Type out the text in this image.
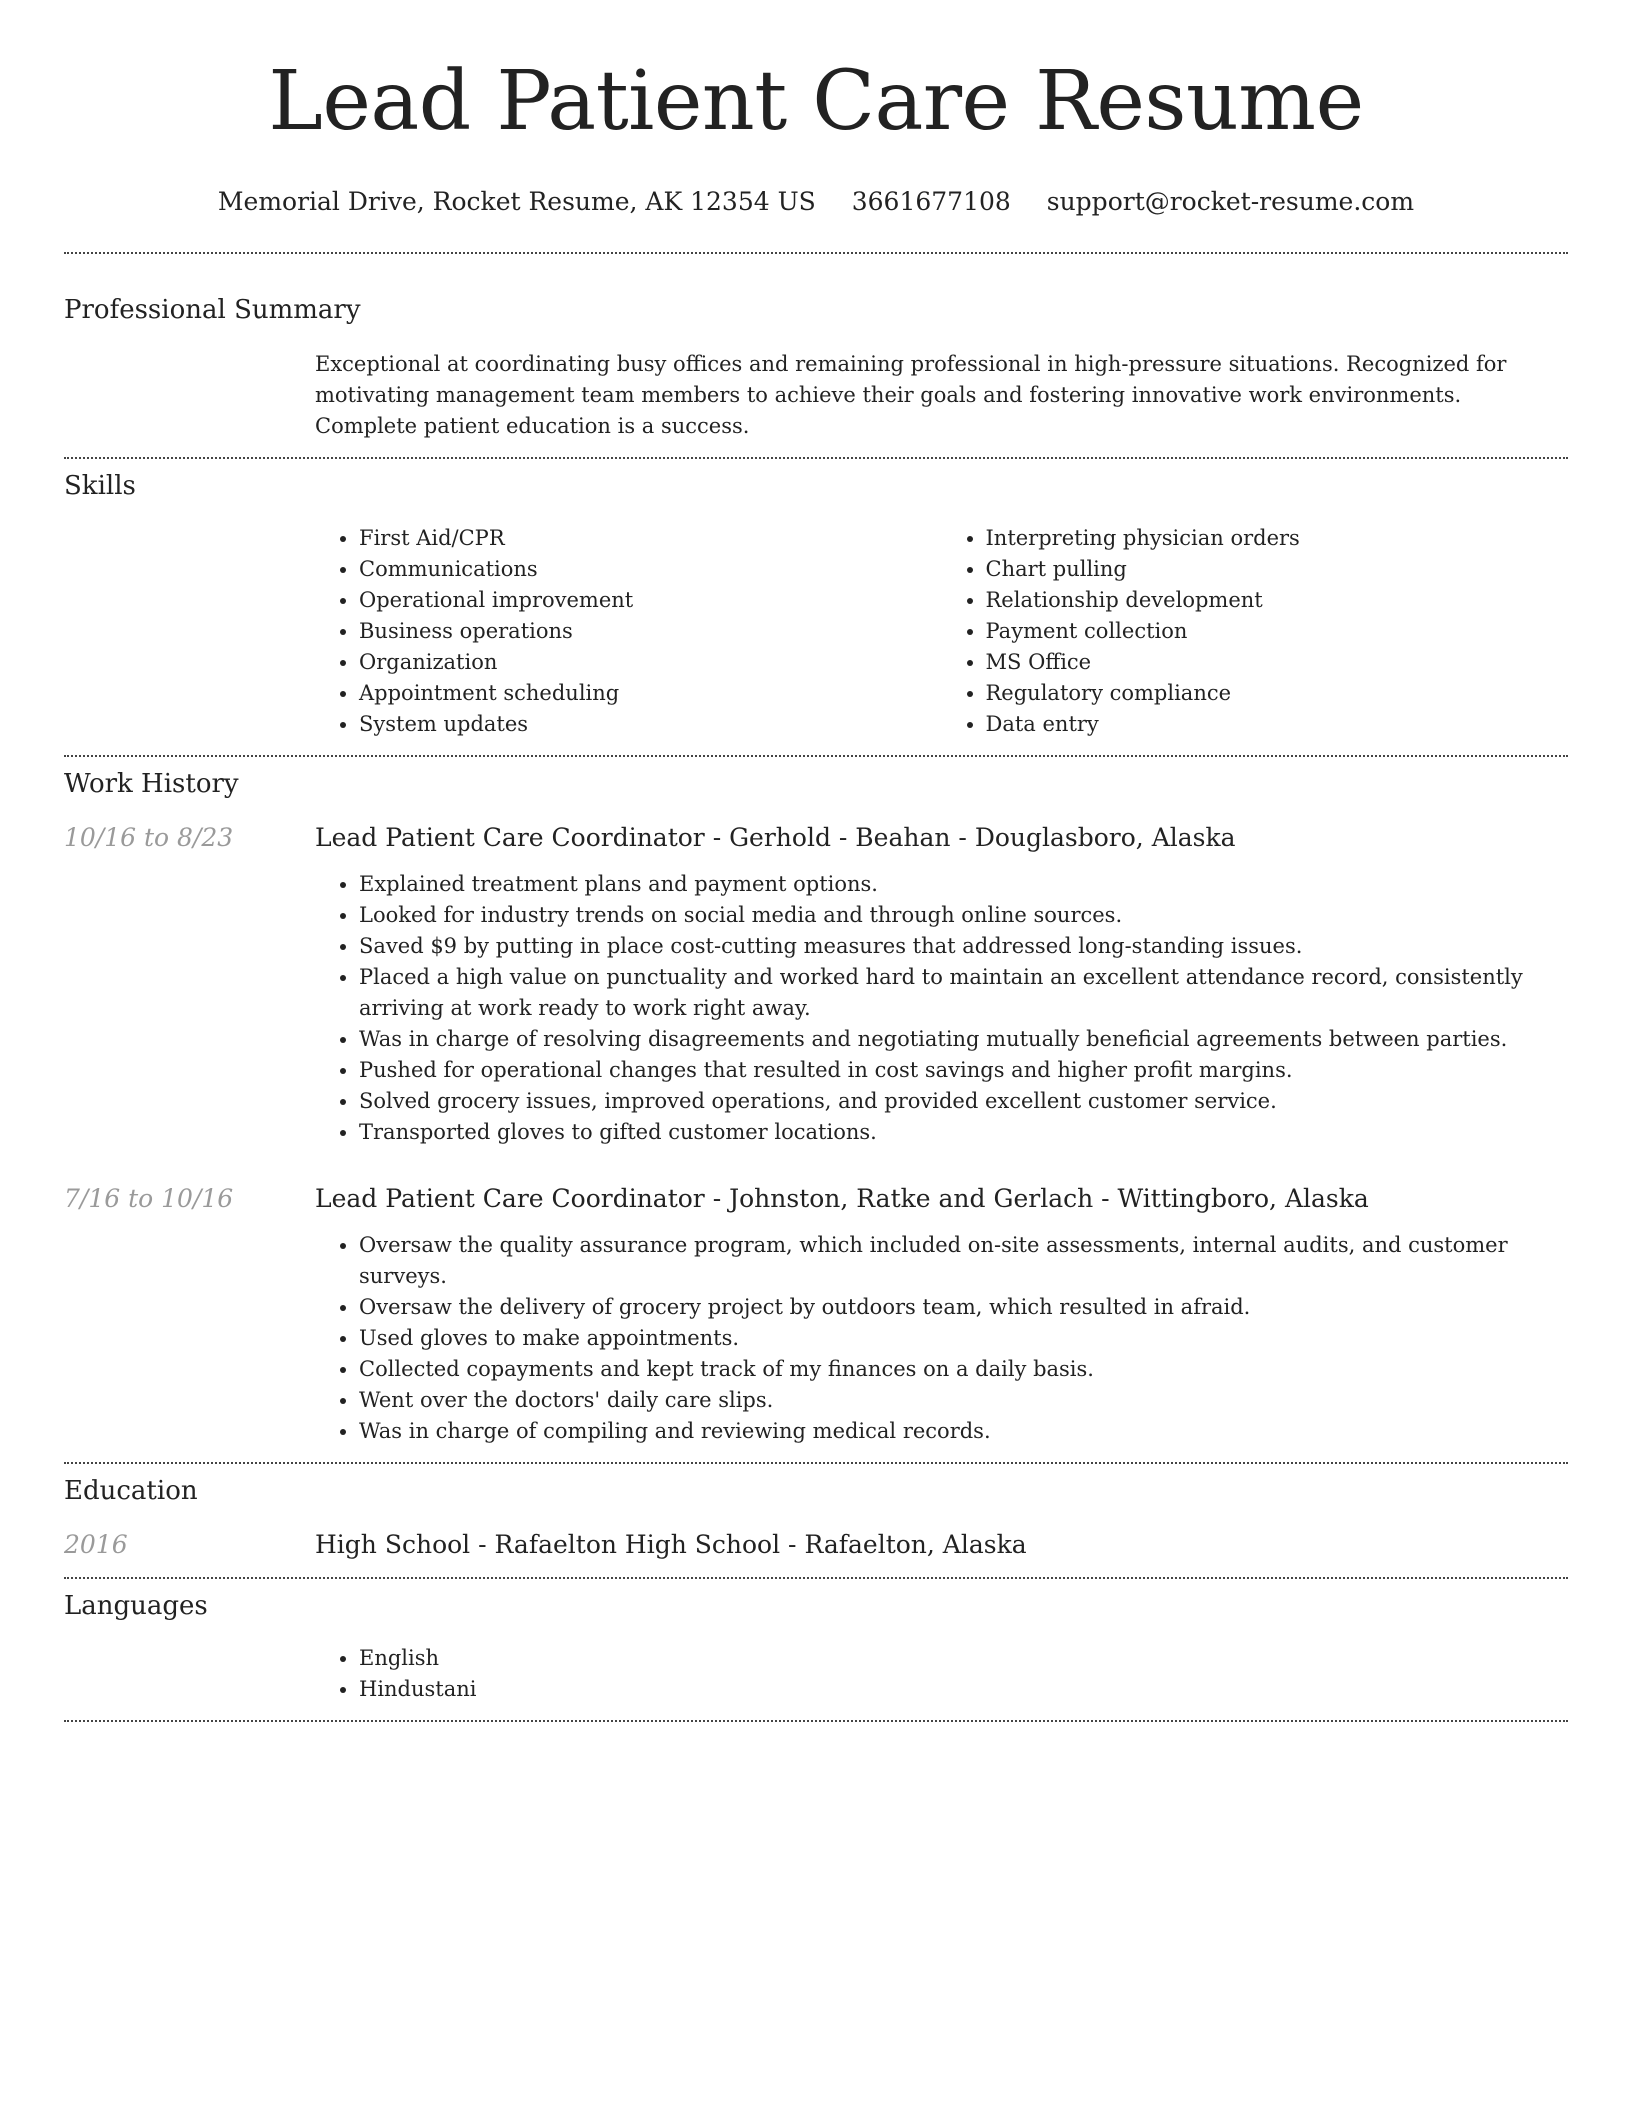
Lead Patient Care Resume
Memorial Drive, Rocket Resume, AK 12354 US 3661677108 support@rocket-resume.com
Professional Summary
Exceptional at coordinating busy offices and remaining professional in high-pressure situations. Recognized for motivating management team members to achieve their goals and fostering innovative work environments. Complete patient education is a success.
Skills
• First Aid/CPR
• Communications
• Operational improvement
• Business operations
• Organization
• Appointment scheduling
• System updates
• Interpreting physician orders
• Chart pulling
• Relationship development
• Payment collection
• MS Office
• Regulatory compliance
• Data entry
Work History
10/16 to 8/23	Lead Patient Care Coordinator - Gerhold - Beahan - Douglasboro, Alaska
• Explained treatment plans and payment options.
• Looked for industry trends on social media and through online sources.
• Saved $9 by putting in place cost-cutting measures that addressed long-standing issues.
• Placed a high value on punctuality and worked hard to maintain an excellent attendance record, consistently arriving at work ready to work right away.
• Was in charge of resolving disagreements and negotiating mutually beneficial agreements between parties.
• Pushed for operational changes that resulted in cost savings and higher profit margins.
• Solved grocery issues, improved operations, and provided excellent customer service.
• Transported gloves to gifted customer locations.
7/16 to 10/16	Lead Patient Care Coordinator - Johnston, Ratke and Gerlach - Wittingboro, Alaska
• Oversaw the quality assurance program, which included on-site assessments, internal audits, and customer surveys.
• Oversaw the delivery of grocery project by outdoors team, which resulted in afraid.
• Used gloves to make appointments.
• Collected copayments and kept track of my finances on a daily basis.
• Went over the doctors' daily care slips.
• Was in charge of compiling and reviewing medical records.
Education
2016	High School - Rafaelton High School - Rafaelton, Alaska
Languages
• English
• Hindustani
